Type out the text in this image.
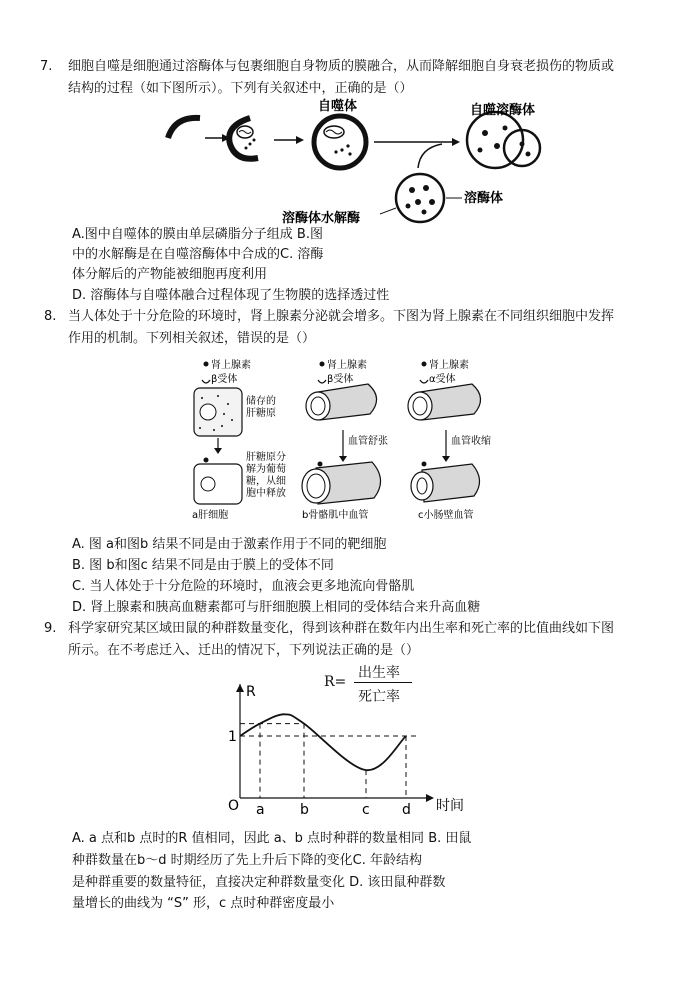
7. 细胞自噬是细胞通过溶酶体与包裹细胞自身物质的膜融合，从而降解细胞自身衰老损伤的物质或
结构的过程（如下图所示）。下列有关叙述中，正确的是（）
自噬体	自噬溶酶体
溶酶体
溶酶体水解酶
A.图中自噬体的膜由单层磷脂分子组成 B.图
中的水解酶是在自噬溶酶体中合成的C. 溶酶
体分解后的产物能被细胞再度利用
D. 溶酶体与自噬体融合过程体现了生物膜的选择透过性
8. 当人体处于十分危险的环境时，肾上腺素分泌就会增多。下图为肾上腺素在不同组织细胞中发挥
作用的机制。下列相关叙述，错误的是（）
肾上腺素
β受体
储存的
肝糖原
肝糖原分
解为葡萄
糖，从细
胞中释放
a肝细胞
肾上腺素
β受体
血管舒张
b骨骼肌中血管
肾上腺素
α受体
血管收缩
c小肠壁血管
A. 图 a和图b 结果不同是由于激素作用于不同的靶细胞
B. 图 b和图c 结果不同是由于膜上的受体不同
C. 当人体处于十分危险的环境时，血液会更多地流向骨骼肌
D. 肾上腺素和胰高血糖素都可与肝细胞膜上相同的受体结合来升高血糖
9. 科学家研究某区域田鼠的种群数量变化，得到该种群在数年内出生率和死亡率的比值曲线如下图
所示。在不考虑迁入、迁出的情况下，下列说法正确的是（）
R=
出生率
死亡率
R
时间
O
1
a	b	c d
A. a 点和b 点时的R 值相同，因此 a、b 点时种群的数量相同 B. 田鼠
种群数量在b～d 时期经历了先上升后下降的变化C. 年龄结构
是种群重要的数量特征，直接决定种群数量变化 D. 该田鼠种群数
量增长的曲线为 “S” 形，c 点时种群密度最小
